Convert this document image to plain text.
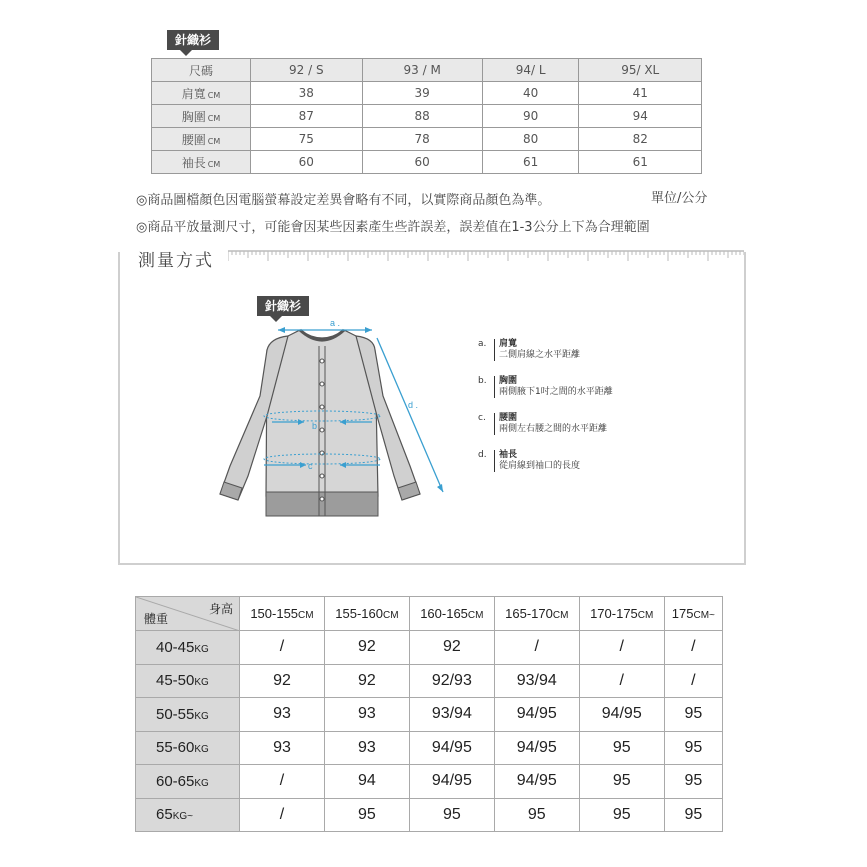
針織衫
尺碼	92 / S	93 / M	94/ L	95/ XL
肩寬 CM	38	39	40	41
胸圍 CM	87	88	90	94
腰圍 CM	75	78	80	82
袖長 CM	60	60	61	61
◎商品圖檔顏色因電腦螢幕設定差異會略有不同，以實際商品顏色為準。	單位/公分
◎商品平放量測尺寸，可能會因某些因素產生些許誤差，誤差值在1-3公分上下為合理範圍
測量方式
針織衫
a .
b
c
d .
a.	肩寬
二側肩線之水平距離
b.	胸圍
兩側腋下1吋之間的水平距離
c.	腰圍
兩側左右腰之間的水平距離
d.	袖長
從肩線到袖口的長度
身高
體重	150-155CM	155-160CM	160-165CM	165-170CM	170-175CM	175CM~
40-45KG	/	92	92	/	/	/
45-50KG	92	92	92/93	93/94	/	/
50-55KG	93	93	93/94	94/95	94/95	95
55-60KG	93	93	94/95	94/95	95	95
60-65KG	/	94	94/95	94/95	95	95
65KG~	/	95	95	95	95	95
